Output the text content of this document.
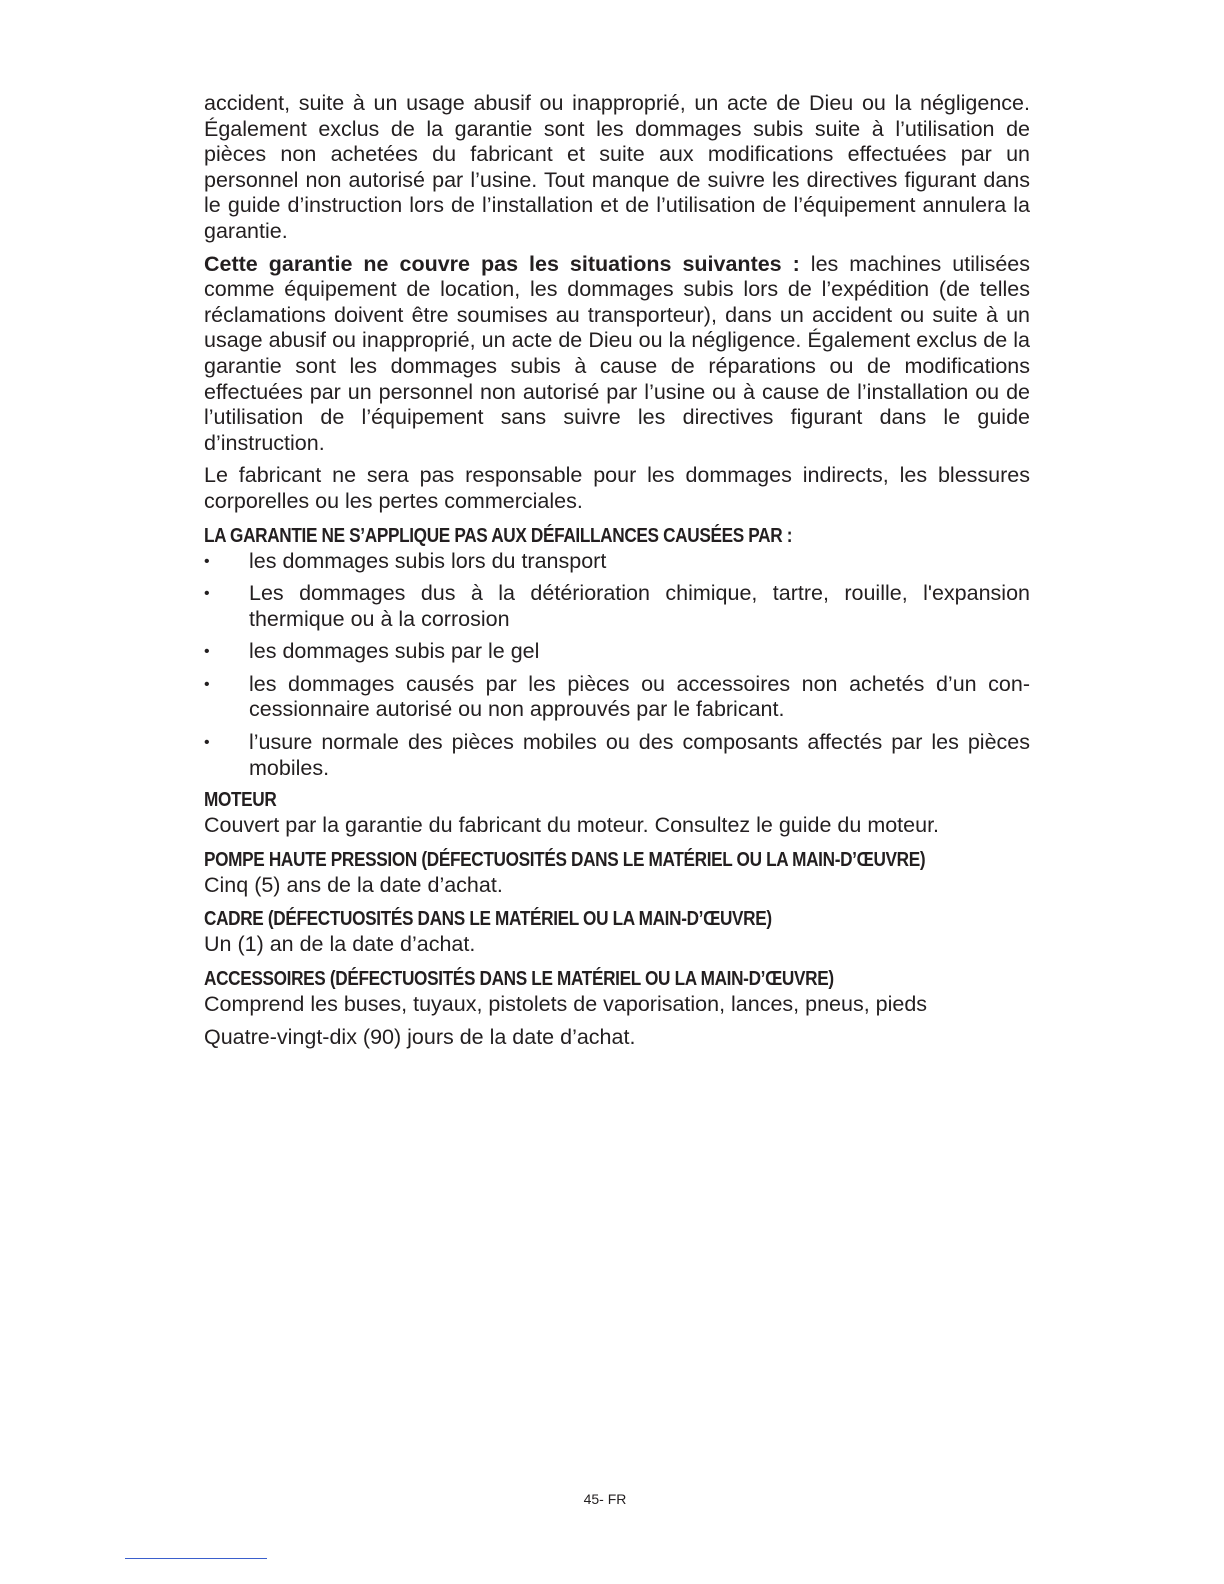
accident, suite à un usage abusif ou inapproprié, un acte de Dieu ou la négligence. Également exclus de la garantie sont les dommages subis suite à l’utilisation de pièces non achetées du fabricant et suite aux modifications effectuées par un personnel non autorisé par l’usine. Tout manque de suivre les directives figurant dans le guide d’instruction lors de l’installation et de l’utilisation de l’équipement annulera la garantie.

Cette garantie ne couvre pas les situations suivantes : les machines utilisées comme équipement de location, les dommages subis lors de l’expédition (de telles réclamations doivent être soumises au transporteur), dans un accident ou suite à un usage abusif ou inapproprié, un acte de Dieu ou la négligence. Également exclus de la garantie sont les dommages subis à cause de réparations ou de modifications effectuées par un personnel non autorisé par l’usine ou à cause de l’installation ou de l’utilisation de l’équipement sans suivre les directives figurant dans le guide d’instruction.

Le fabricant ne sera pas responsable pour les dommages indirects, les blessures corporelles ou les pertes commerciales.

LA GARANTIE NE S’APPLIQUE PAS AUX DÉFAILLANCES CAUSÉES PAR :
• les dommages subis lors du transport
• Les dommages dus à la détérioration chimique, tartre, rouille, l'expansion thermique ou à la corrosion
• les dommages subis par le gel
• les dommages causés par les pièces ou accessoires non achetés d’un con-cessionnaire autorisé ou non approuvés par le fabricant.
• l’usure normale des pièces mobiles ou des composants affectés par les pièces mobiles.
MOTEUR

Couvert par la garantie du fabricant du moteur. Consultez le guide du moteur.

POMPE HAUTE PRESSION (DÉFECTUOSITÉS DANS LE MATÉRIEL OU LA MAIN-D’ŒUVRE)

Cinq (5) ans de la date d’achat.

CADRE (DÉFECTUOSITÉS DANS LE MATÉRIEL OU LA MAIN-D’ŒUVRE)

Un (1) an de la date d’achat.

ACCESSOIRES (DÉFECTUOSITÉS DANS LE MATÉRIEL OU LA MAIN-D’ŒUVRE)

Comprend les buses, tuyaux, pistolets de vaporisation, lances, pneus, pieds

Quatre-vingt-dix (90) jours de la date d’achat.

45- FR
